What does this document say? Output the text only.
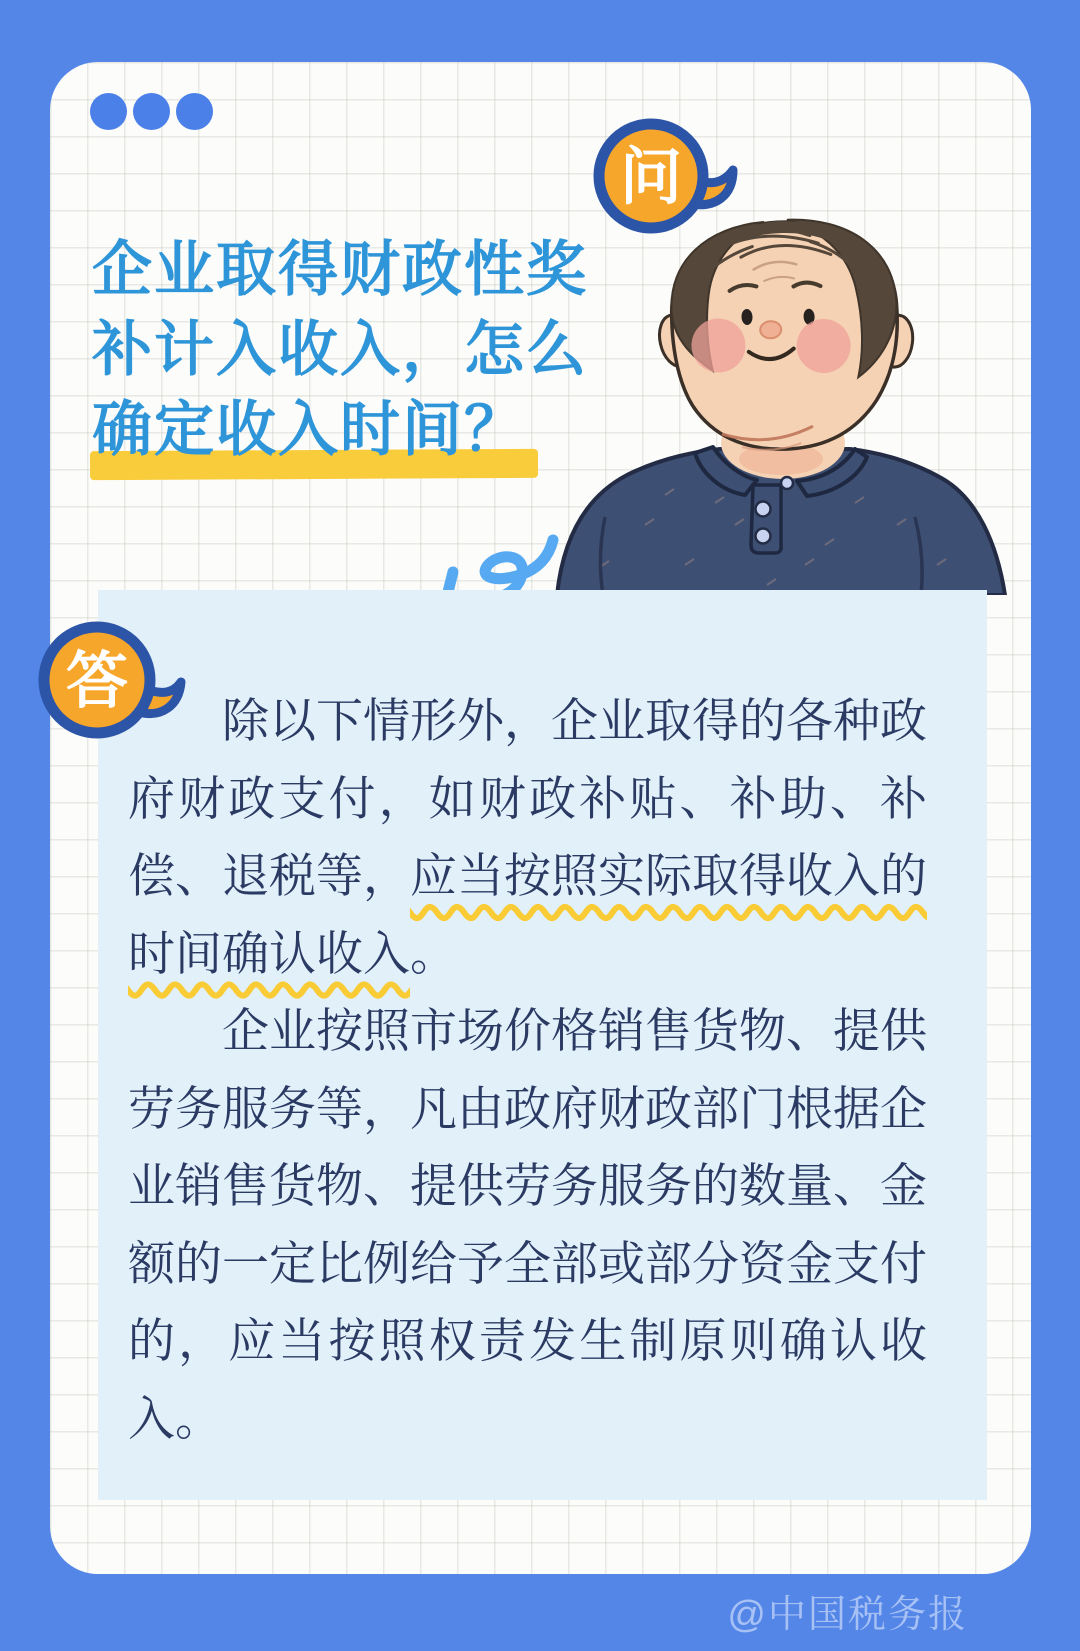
企业取得财政性奖
补计入收入，怎么
确定收入时间？
问

除以下情形外，企业取得的各种政府财政支付，如财政补贴、补助、补偿、退税等，应当按照实际取得收入的时间确认收入。

企业按照市场价格销售货物、提供劳务服务等，凡由政府财政部门根据企业销售货物、提供劳务服务的数量、金额的一定比例给予全部或部分资金支付的，应当按照权责发生制原则确认收入。

答
@中国税务报
